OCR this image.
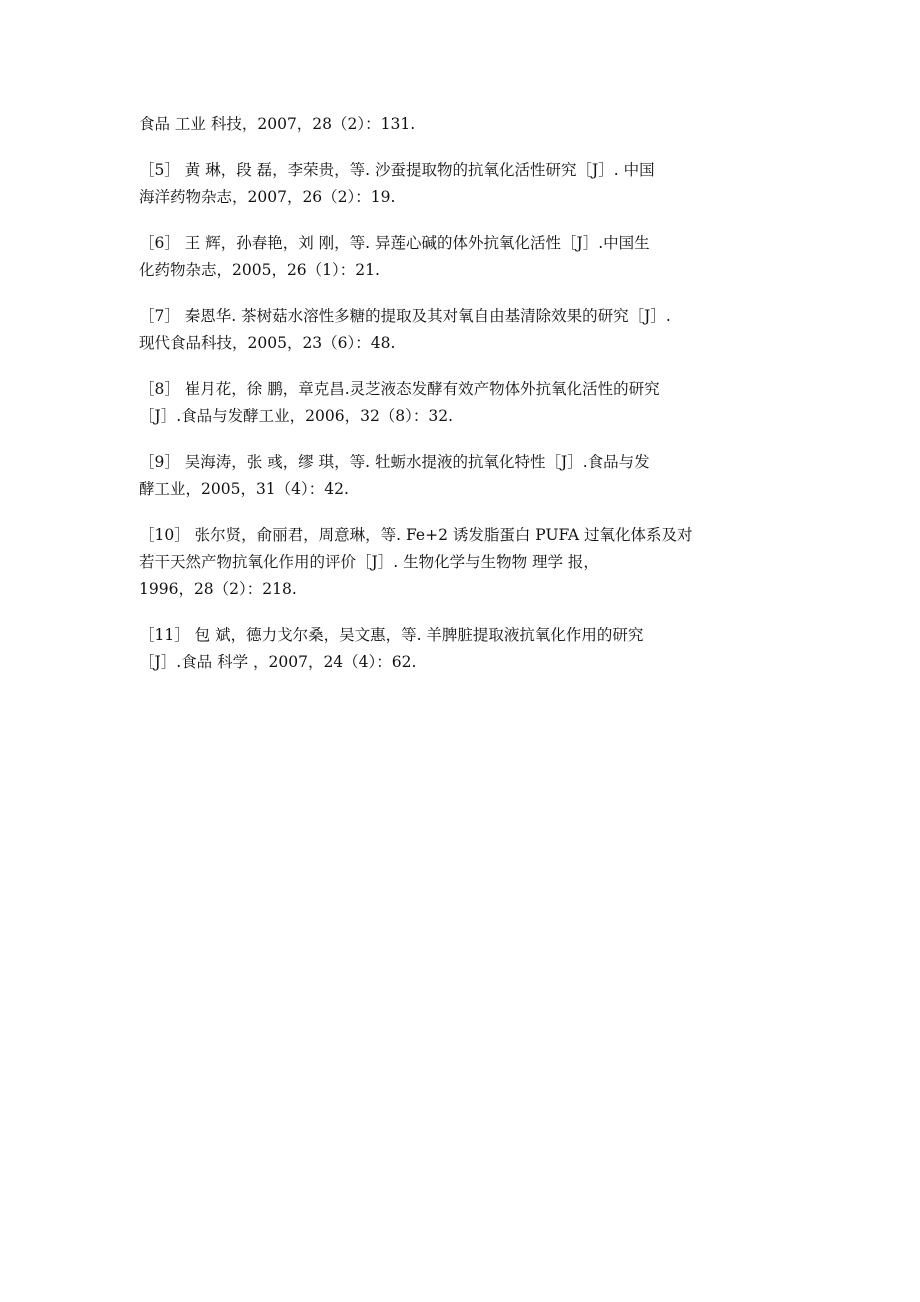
食品 工业 科技，2007，28（2）：131.
［5］ 黄 琳，段 磊，李荣贵，等. 沙蚕提取物的抗氧化活性研究［J］. 中国
海洋药物杂志，2007，26（2）：19.
［6］ 王 辉，孙春艳，刘 刚，等. 异莲心碱的体外抗氧化活性［J］.中国生
化药物杂志，2005，26（1）：21.
［7］ 秦恩华. 茶树菇水溶性多糖的提取及其对氧自由基清除效果的研究［J］.
现代食品科技，2005，23（6）：48.
［8］ 崔月花，徐 鹏，章克昌.灵芝液态发酵有效产物体外抗氧化活性的研究
［J］.食品与发酵工业，2006，32（8）：32.
［9］ 吴海涛，张 彧，缪 琪，等. 牡蛎水提液的抗氧化特性［J］.食品与发
酵工业，2005，31（4）：42.
［10］ 张尔贤，俞丽君，周意琳，等. Fe+2 诱发脂蛋白 PUFA 过氧化体系及对
若干天然产物抗氧化作用的评价［J］. 生物化学与生物物 理学 报，
1996，28（2）：218.
［11］ 包 斌，德力戈尔桑，吴文惠，等. 羊脾脏提取液抗氧化作用的研究
［J］.食品 科学 ，2007，24（4）：62.
